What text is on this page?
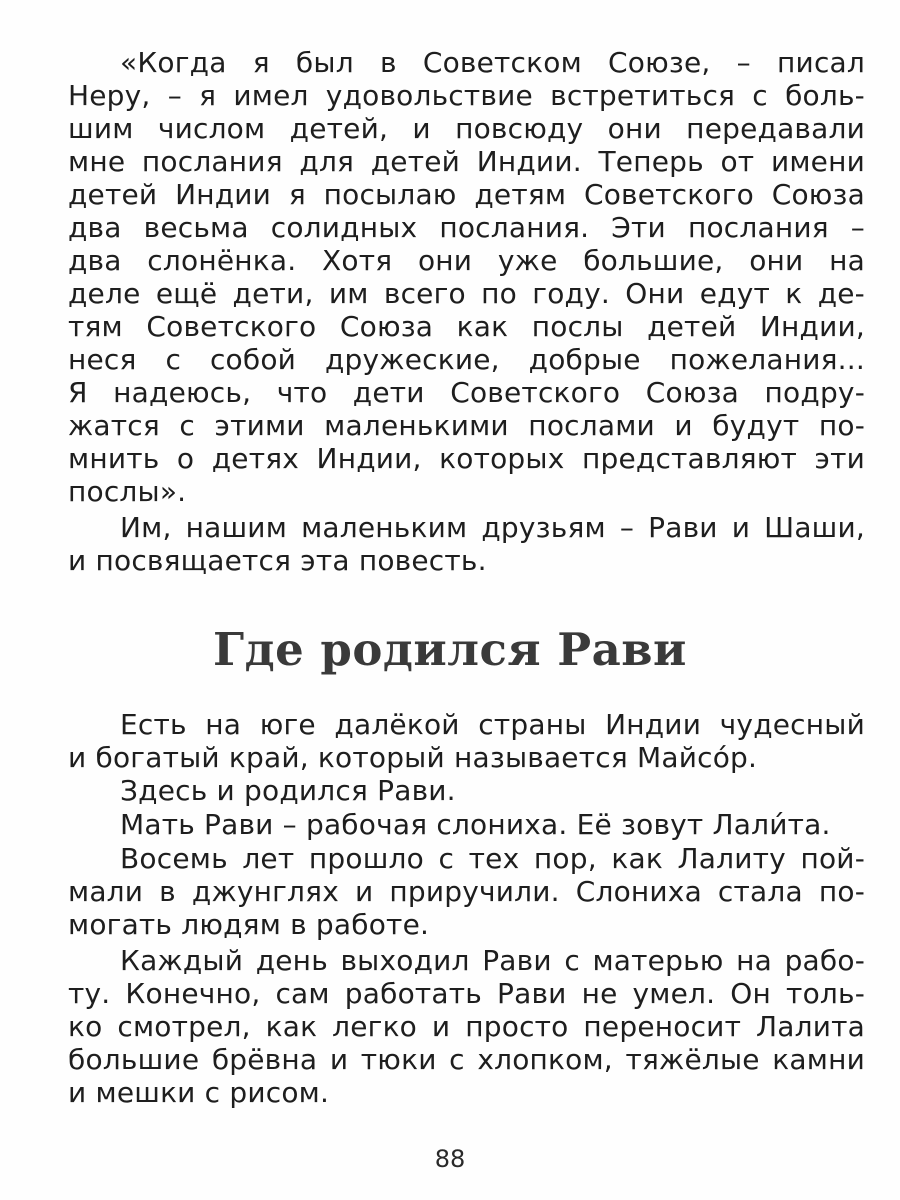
«Когда я был в Советском Союзе, – писал
Неру, – я имел удовольствие встретиться с боль-
шим числом детей, и повсюду они передавали
мне послания для детей Индии. Теперь от имени
детей Индии я посылаю детям Советского Союза
два весьма солидных послания. Эти послания –
два слонёнка. Хотя они уже большие, они на
деле ещё дети, им всего по году. Они едут к де-
тям Советского Союза как послы детей Индии,
неся с собой дружеские, добрые пожелания...
Я надеюсь, что дети Советского Союза подру-
жатся с этими маленькими послами и будут по-
мнить о детях Индии, которых представляют эти
послы».
Им, нашим маленьким друзьям – Рави и Шаши,
и посвящается эта повесть.
Где родился Рави
Есть на юге далёкой страны Индии чудесный
и богатый край, который называется Майсóр.
Здесь и родился Рави.
Мать Рави – рабочая слониха. Её зовут Лали́та.
Восемь лет прошло с тех пор, как Лалиту пой-
мали в джунглях и приручили. Слониха стала по-
могать людям в работе.
Каждый день выходил Рави с матерью на рабо-
ту. Конечно, сам работать Рави не умел. Он толь-
ко смотрел, как легко и просто переносит Лалита
большие брёвна и тюки с хлопком, тяжёлые камни
и мешки с рисом.
88
